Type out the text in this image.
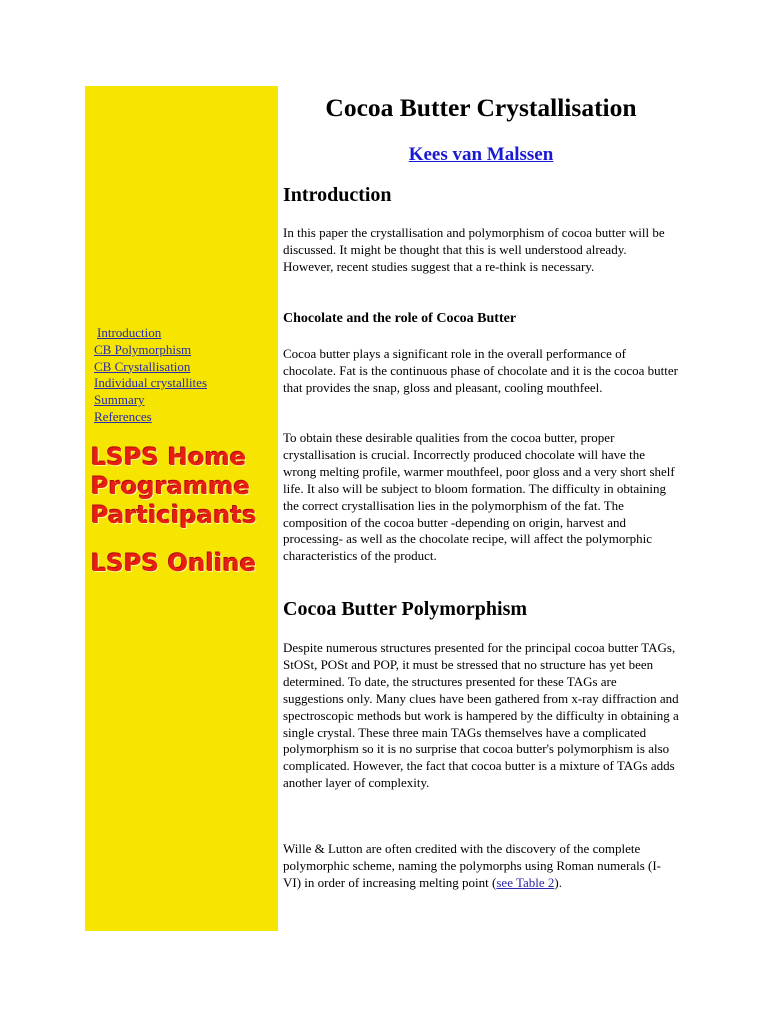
Introduction
CB Polymorphism
CB Crystallisation
Individual crystallites
Summary
References
LSPS Home
Programme
Participants
LSPS Online
Cocoa Butter Crystallisation
Kees van Malssen
Introduction
In this paper the crystallisation and polymorphism of cocoa butter will be discussed. It might be thought that this is well understood already. However, recent studies suggest that a re-think is necessary.
Chocolate and the role of Cocoa Butter
Cocoa butter plays a significant role in the overall performance of chocolate. Fat is the continuous phase of chocolate and it is the cocoa butter that provides the snap, gloss and pleasant, cooling mouthfeel.
To obtain these desirable qualities from the cocoa butter, proper crystallisation is crucial. Incorrectly produced chocolate will have the wrong melting profile, warmer mouthfeel, poor gloss and a very short shelf life. It also will be subject to bloom formation. The difficulty in obtaining the correct crystallisation lies in the polymorphism of the fat. The composition of the cocoa butter -depending on origin, harvest and processing- as well as the chocolate recipe, will affect the polymorphic characteristics of the product.
Cocoa Butter Polymorphism
Despite numerous structures presented for the principal cocoa butter TAGs, StOSt, POSt and POP, it must be stressed that no structure has yet been determined. To date, the structures presented for these TAGs are suggestions only. Many clues have been gathered from x-ray diffraction and spectroscopic methods but work is hampered by the difficulty in obtaining a single crystal. These three main TAGs themselves have a complicated polymorphism so it is no surprise that cocoa butter's polymorphism is also complicated. However, the fact that cocoa butter is a mixture of TAGs adds another layer of complexity.
Wille & Lutton are often credited with the discovery of the complete polymorphic scheme, naming the polymorphs using Roman numerals (I-VI) in order of increasing melting point (see Table 2).
